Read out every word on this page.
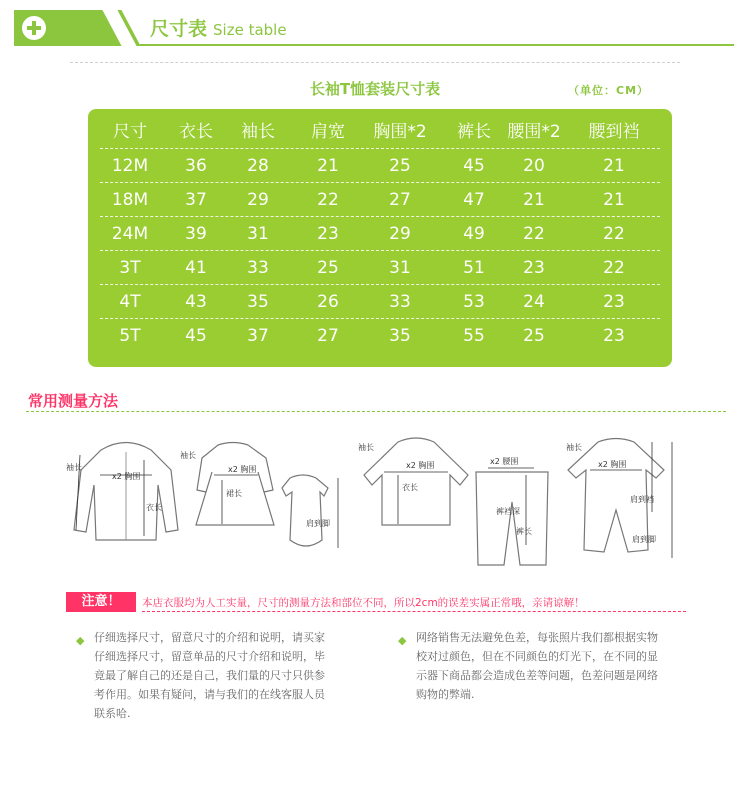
尺寸表 Size table
长袖T恤套装尺寸表	（单位：CM）
尺寸 衣长 袖长 肩宽 胸围*2 裤长 腰围*2 腰到裆
12M 36 28	21	25	45 20	21
18M 37 29	22	27	47 21	21
24M 39 31	23	29	49 22	22
3T	41 33	25	31	51 23	22
4T	43 35	26	33	53 24	23
5T	45 37	27	35	55 25	23
常用测量方法
袖长
x2 胸围
衣长
袖长
x2 胸围
裙长
肩到脚
袖长
x2 胸围
衣长
x2 腰围
裤裆深
裤长
袖长
x2 胸围
肩到裆
肩到脚
注意！	本店衣服均为人工实量，尺寸的测量方法和部位不同，所以2cm的误差实属正常哦，亲请谅解！
◆ 仔细选择尺寸，留意尺寸的介绍和说明，请买家

仔细选择尺寸，留意单品的尺寸介绍和说明，毕

竟最了解自己的还是自己，我们量的尺寸只供参

考作用。如果有疑问，请与我们的在线客服人员

联系哈.

◆ 网络销售无法避免色差，每张照片我们都根据实物

校对过颜色，但在不同颜色的灯光下，在不同的显

示器下商品都会造成色差等问题，色差问题是网络

购物的弊端.
